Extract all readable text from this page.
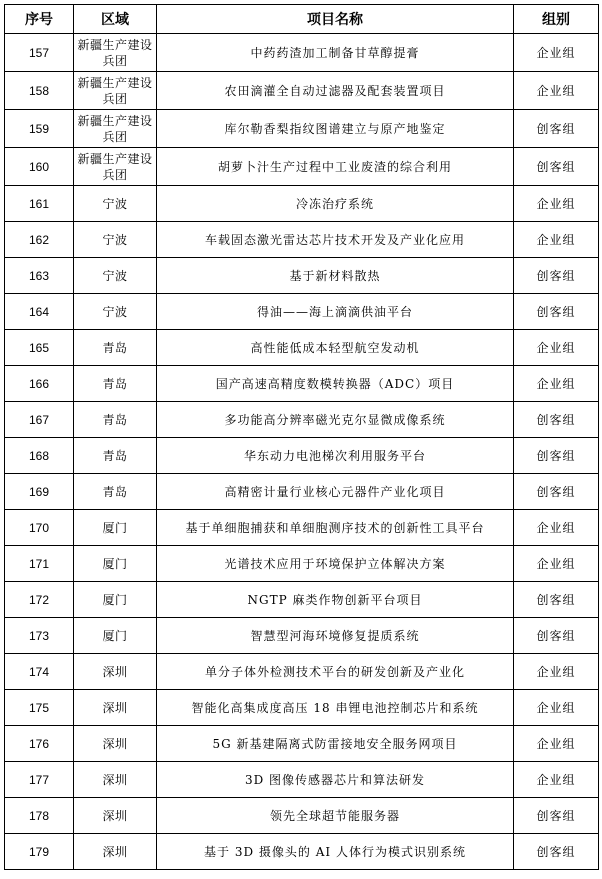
序号	区域	项目名称	组别
157	新疆生产建设兵团	中药药渣加工制备甘草醇提膏	企业组
158	新疆生产建设兵团	农田滴灌全自动过滤器及配套装置项目	企业组
159	新疆生产建设兵团	库尔勒香梨指纹图谱建立与原产地鉴定	创客组
160	新疆生产建设兵团	胡萝卜汁生产过程中工业废渣的综合利用	创客组
161	宁波	冷冻治疗系统	企业组
162	宁波	车载固态激光雷达芯片技术开发及产业化应用	企业组
163	宁波	基于新材料散热	创客组
164	宁波	得油——海上滴滴供油平台	创客组
165	青岛	高性能低成本轻型航空发动机	企业组
166	青岛	国产高速高精度数模转换器（ADC）项目	企业组
167	青岛	多功能高分辨率磁光克尔显微成像系统	创客组
168	青岛	华东动力电池梯次利用服务平台	创客组
169	青岛	高精密计量行业核心元器件产业化项目	创客组
170	厦门	基于单细胞捕获和单细胞测序技术的创新性工具平台	企业组
171	厦门	光谱技术应用于环境保护立体解决方案	企业组
172	厦门	NGTP 麻类作物创新平台项目	创客组
173	厦门	智慧型河海环境修复提质系统	创客组
174	深圳	单分子体外检测技术平台的研发创新及产业化	企业组
175	深圳	智能化高集成度高压 18 串锂电池控制芯片和系统	企业组
176	深圳	5G 新基建隔离式防雷接地安全服务网项目	企业组
177	深圳	3D 图像传感器芯片和算法研发	企业组
178	深圳	领先全球超节能服务器	创客组
179	深圳	基于 3D 摄像头的 AI 人体行为模式识别系统	创客组
